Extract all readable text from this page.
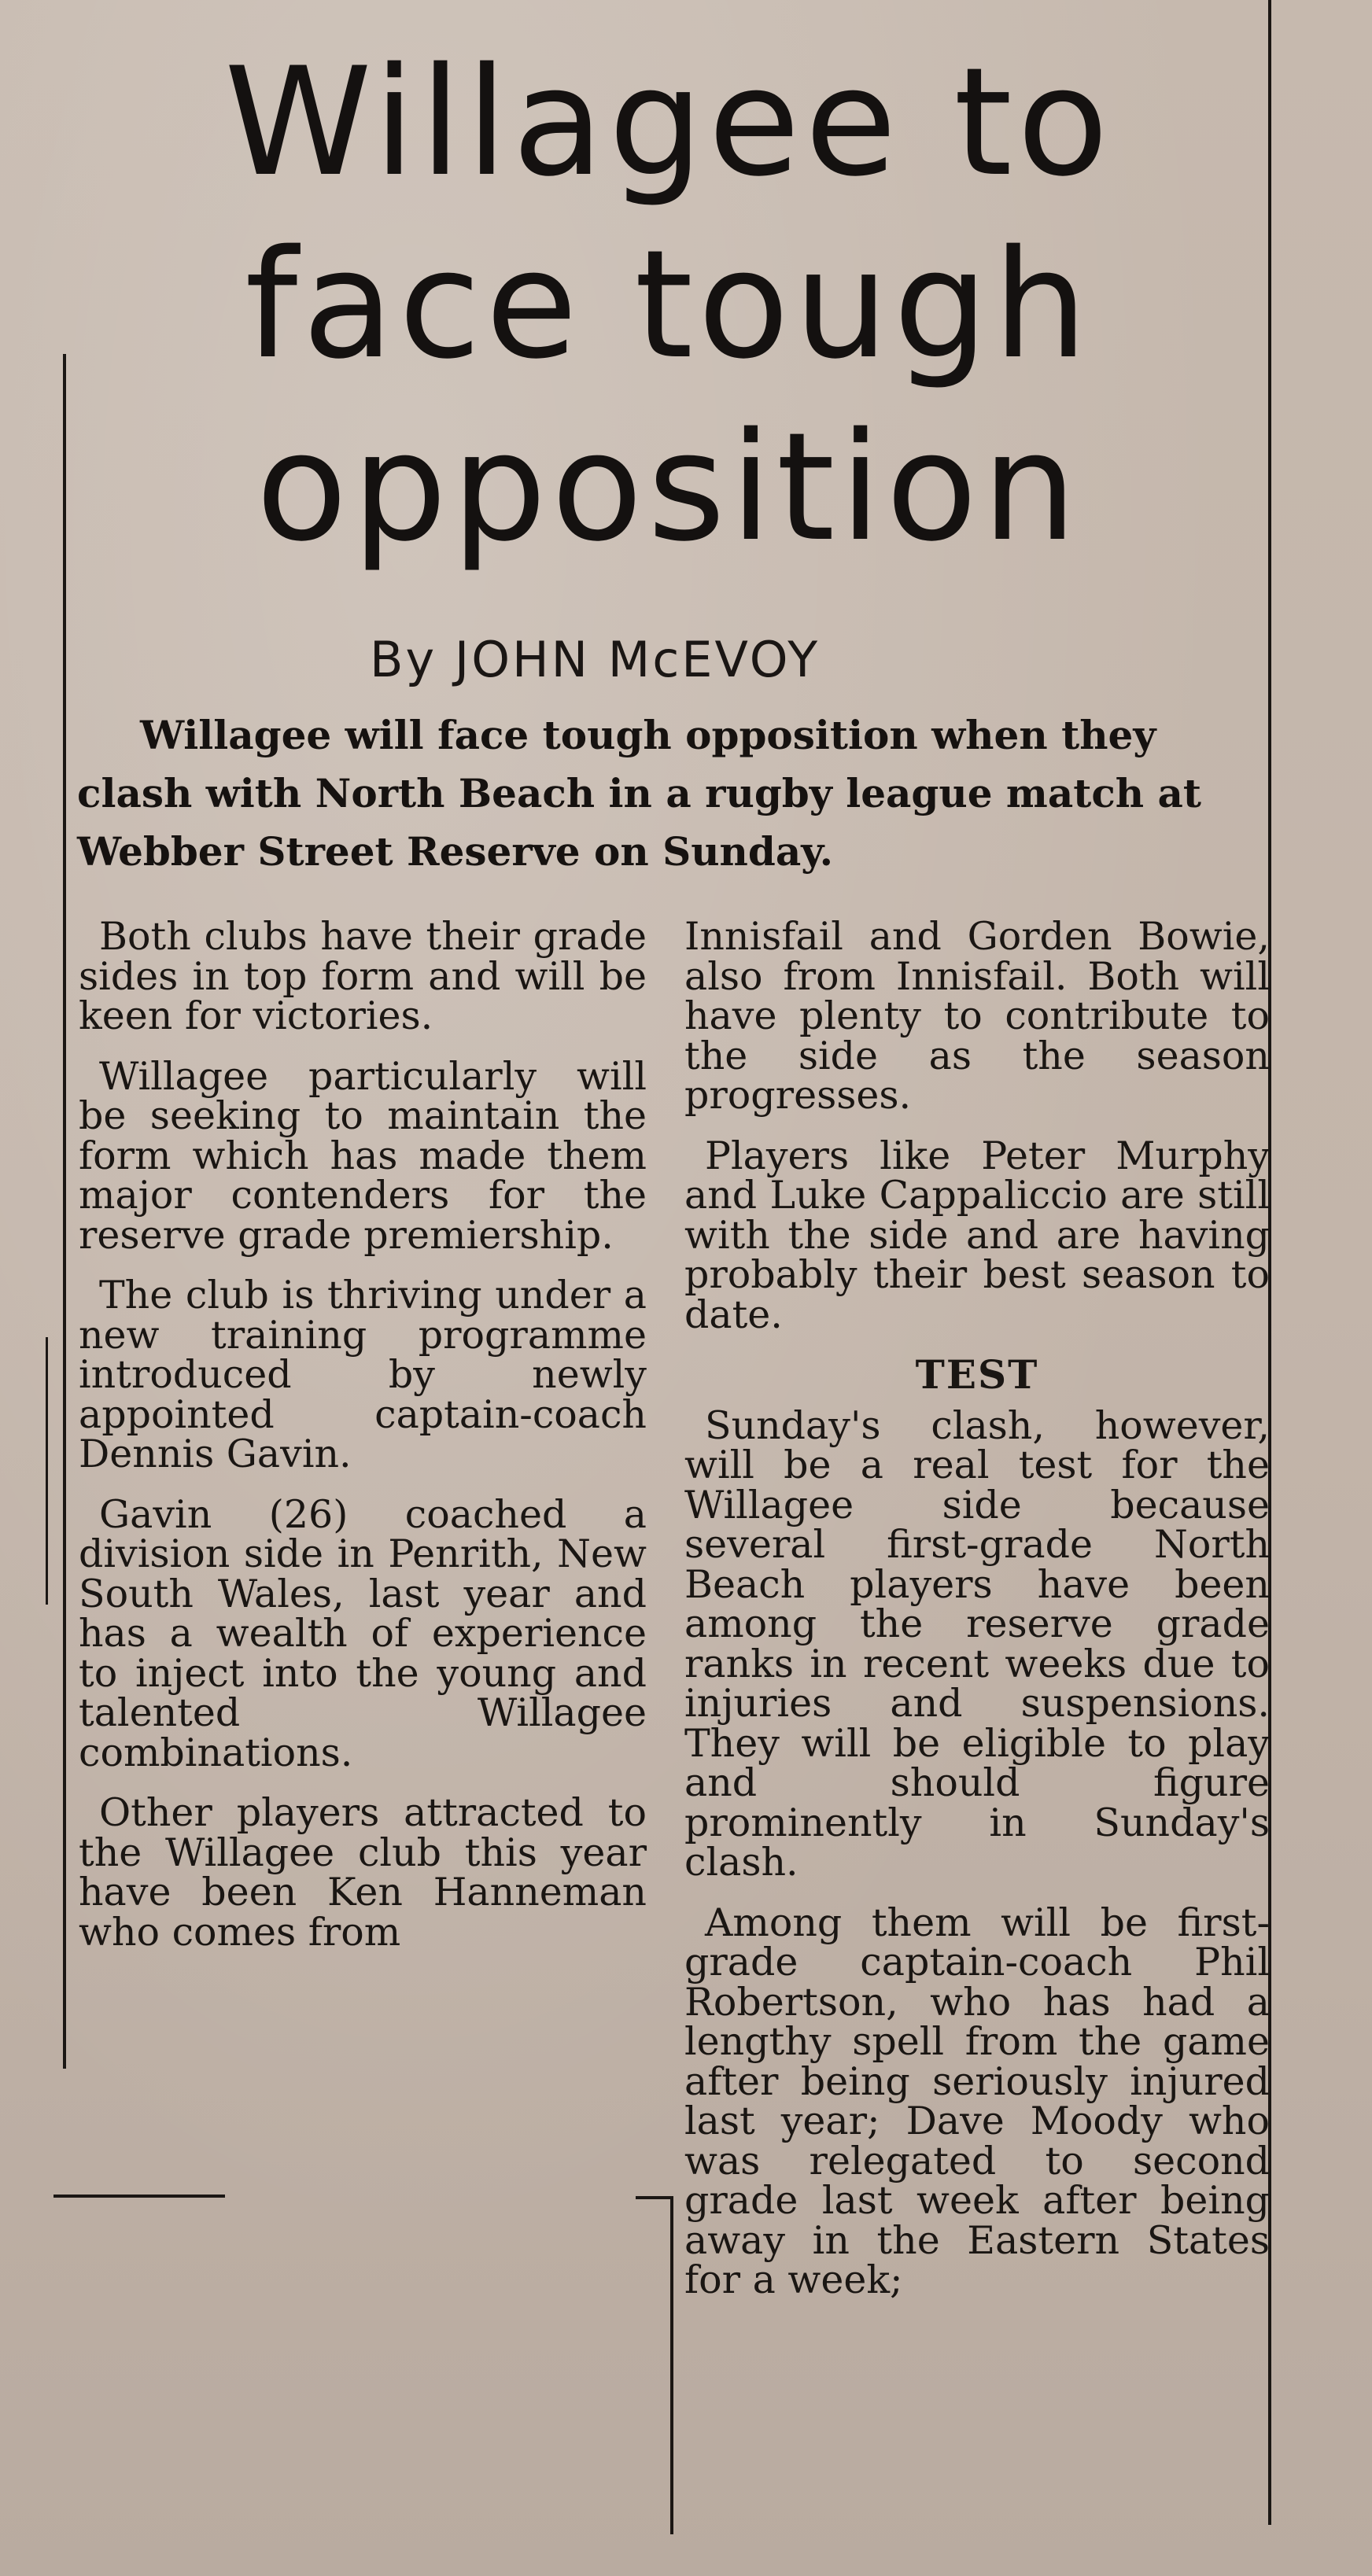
Willagee to face tough opposition

By JOHN McEVOY

Willagee will face tough opposition when they clash with North Beach in a rugby league match at Webber Street Reserve on Sunday.

Both clubs have their grade sides in top form and will be keen for victories.

Willagee particularly will be seeking to maintain the form which has made them major contenders for the reserve grade premiership.

The club is thriving under a new training programme introduced by newly appointed captain-coach Dennis Gavin.

Gavin (26) coached a division side in Penrith, New South Wales, last year and has a wealth of experience to inject into the young and talented Willagee combinations.

Other players attracted to the Willagee club this year have been Ken Hanneman who comes from

Innisfail and Gorden Bowie, also from Innisfail. Both will have plenty to contribute to the side as the season progresses.

Players like Peter Murphy and Luke Cappaliccio are still with the side and are having probably their best season to date.

TEST

Sunday's clash, however, will be a real test for the Willagee side because several first-grade North Beach players have been among the reserve grade ranks in recent weeks due to injuries and suspensions. They will be eligible to play and should figure prominently in Sunday's clash.

Among them will be first-grade captain-coach Phil Robertson, who has had a lengthy spell from the game after being seriously injured last year; Dave Moody who was relegated to second grade last week after being away in the Eastern States for a week;
